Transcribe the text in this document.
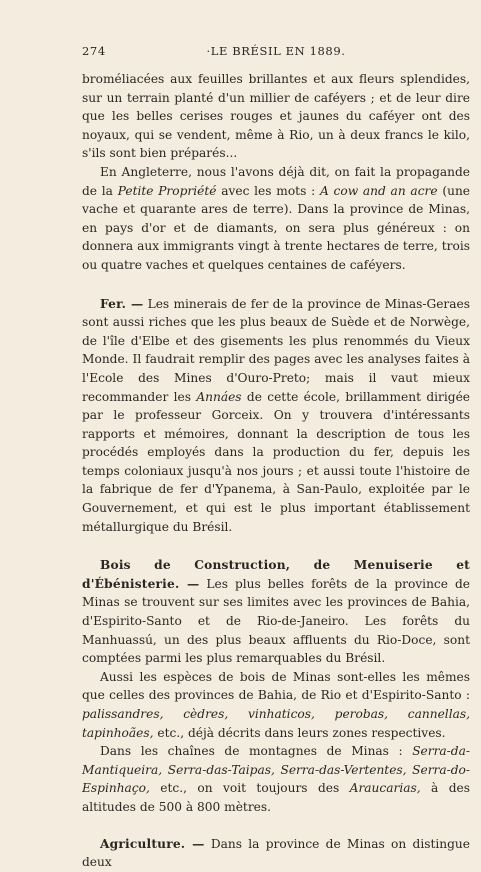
274	·LE BRÉSIL EN 1889.

broméliacées aux feuilles brillantes et aux fleurs splendides, sur un terrain planté d'un millier de caféyers ; et de leur dire que les belles cerises rouges et jaunes du caféyer ont des noyaux, qui se vendent, même à Rio, un à deux francs le kilo, s'ils sont bien préparés...

En Angleterre, nous l'avons déjà dit, on fait la propagande de la Petite Propriété avec les mots : A cow and an acre (une vache et quarante ares de terre). Dans la province de Minas, en pays d'or et de diamants, on sera plus généreux : on donnera aux immigrants vingt à trente hectares de terre, trois ou quatre vaches et quelques centaines de caféyers.

Fer. — Les minerais de fer de la province de Minas-Geraes sont aussi riches que les plus beaux de Suède et de Norwège, de l'île d'Elbe et des gisements les plus renommés du Vieux Monde. Il faudrait remplir des pages avec les analyses faites à l'Ecole des Mines d'Ouro-Preto; mais il vaut mieux recommander les Annáes de cette école, brillamment dirigée par le professeur Gorceix. On y trouvera d'intéressants rapports et mémoires, donnant la description de tous les procédés employés dans la production du fer, depuis les temps coloniaux jusqu'à nos jours ; et aussi toute l'histoire de la fabrique de fer d'Ypanema, à San-Paulo, exploitée par le Gouvernement, et qui est le plus important établissement métallurgique du Brésil.

Bois de Construction, de Menuiserie et d'Ébénisterie. — Les plus belles forêts de la province de Minas se trouvent sur ses limites avec les provinces de Bahia, d'Espirito-Santo et de Rio-de-Janeiro. Les forêts du Manhuassú, un des plus beaux affluents du Rio-Doce, sont comptées parmi les plus remarquables du Brésil.

Aussi les espèces de bois de Minas sont-elles les mêmes que celles des provinces de Bahia, de Rio et d'Espirito-Santo : palissandres, cèdres, vinhaticos, perobas, cannellas, tapinhoães, etc., déjà décrits dans leurs zones respectives.

Dans les chaînes de montagnes de Minas : Serra-da-Mantiqueira, Serra-das-Taipas, Serra-das-Vertentes, Serra-do-Espinhaço, etc., on voit toujours des Araucarias, à des altitudes de 500 à 800 mètres.

Agriculture. — Dans la province de Minas on distingue deux
